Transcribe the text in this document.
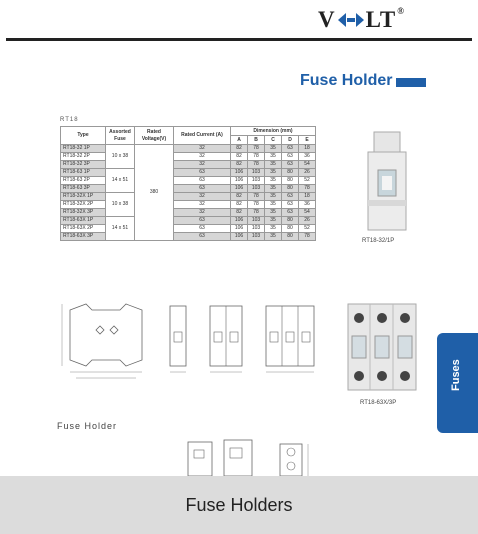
V LT ®
Fuse Holder
RT18
Type	Assorted Fuse	Rated Voltage(V)	Rated Current (A)	Dimension (mm)				
				A	B	C	D	E
RT18-32 1P	10 x 38	380	32	82	78	35	63	18
RT18-32 2P			32	82	78	35	63	36
RT18-32 3P			32	82	78	35	63	54
RT18-63 1P	14 x 51		63	106	103	35	80	26
RT18-63 2P			63	106	103	35	80	52
RT18-63 3P			63	106	103	35	80	78
RT18-32X 1P	10 x 38		32	82	78	35	63	18
RT18-32X 2P			32	82	78	35	63	36
RT18-32X 3P			32	82	78	35	63	54
RT18-63X 1P	14 x 51		63	106	103	35	80	26
RT18-63X 2P			63	106	103	35	80	52
RT18-63X 3P			63	106	103	35	80	78
RT18-32/1P
RT18-63X/3P
Fuses
Fuse Holder
Fuse Holders
